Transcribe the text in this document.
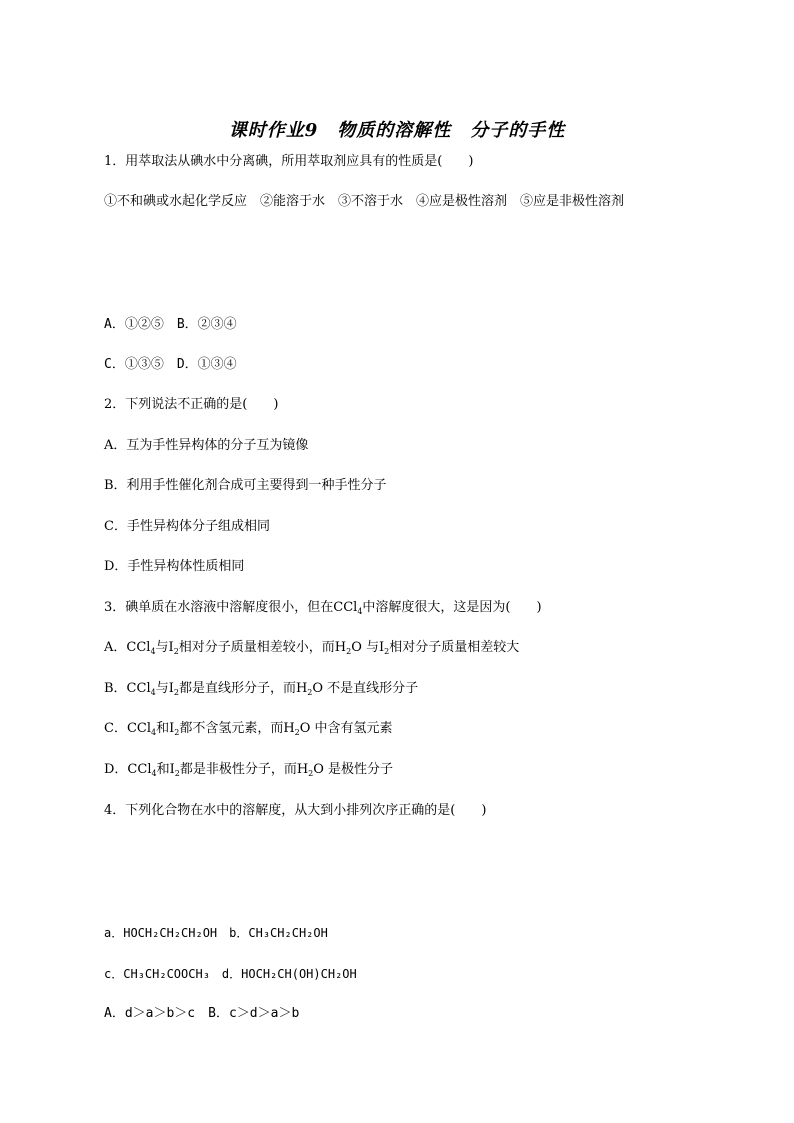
课时作业9　物质的溶解性　分子的手性
1．用萃取法从碘水中分离碘，所用萃取剂应具有的性质是(　　)
①不和碘或水起化学反应　②能溶于水　③不溶于水　④应是极性溶剂　⑤应是非极性溶剂
A．①②⑤　B．②③④
C．①③⑤　D．①③④
2．下列说法不正确的是(　　)
A．互为手性异构体的分子互为镜像
B．利用手性催化剂合成可主要得到一种手性分子
C．手性异构体分子组成相同
D．手性异构体性质相同
3．碘单质在水溶液中溶解度很小，但在CCl$_4$中溶解度很大，这是因为(　　)
A．CCl$_4$与$I_2$相对分子质量相差较小，而$H_2O$ 与$I_2$相对分子质量相差较大
B．CCl$_4$与$I_2$都是直线形分子，而$H_2O$ 不是直线形分子
C．CCl$_4$和$I_2$都不含氢元素，而$H_2O$ 中含有氢元素
D．CCl$_4$和$I_2$都是非极性分子，而$H_2O$ 是极性分子
4．下列化合物在水中的溶解度，从大到小排列次序正确的是(　　)
a．HOCH₂CH₂CH₂OH　b．CH₃CH₂CH₂OH
c．CH₃CH₂COOCH₃　d．HOCH₂CH(OH)CH₂OH
A．d＞a＞b＞c　B．c＞d＞a＞b
